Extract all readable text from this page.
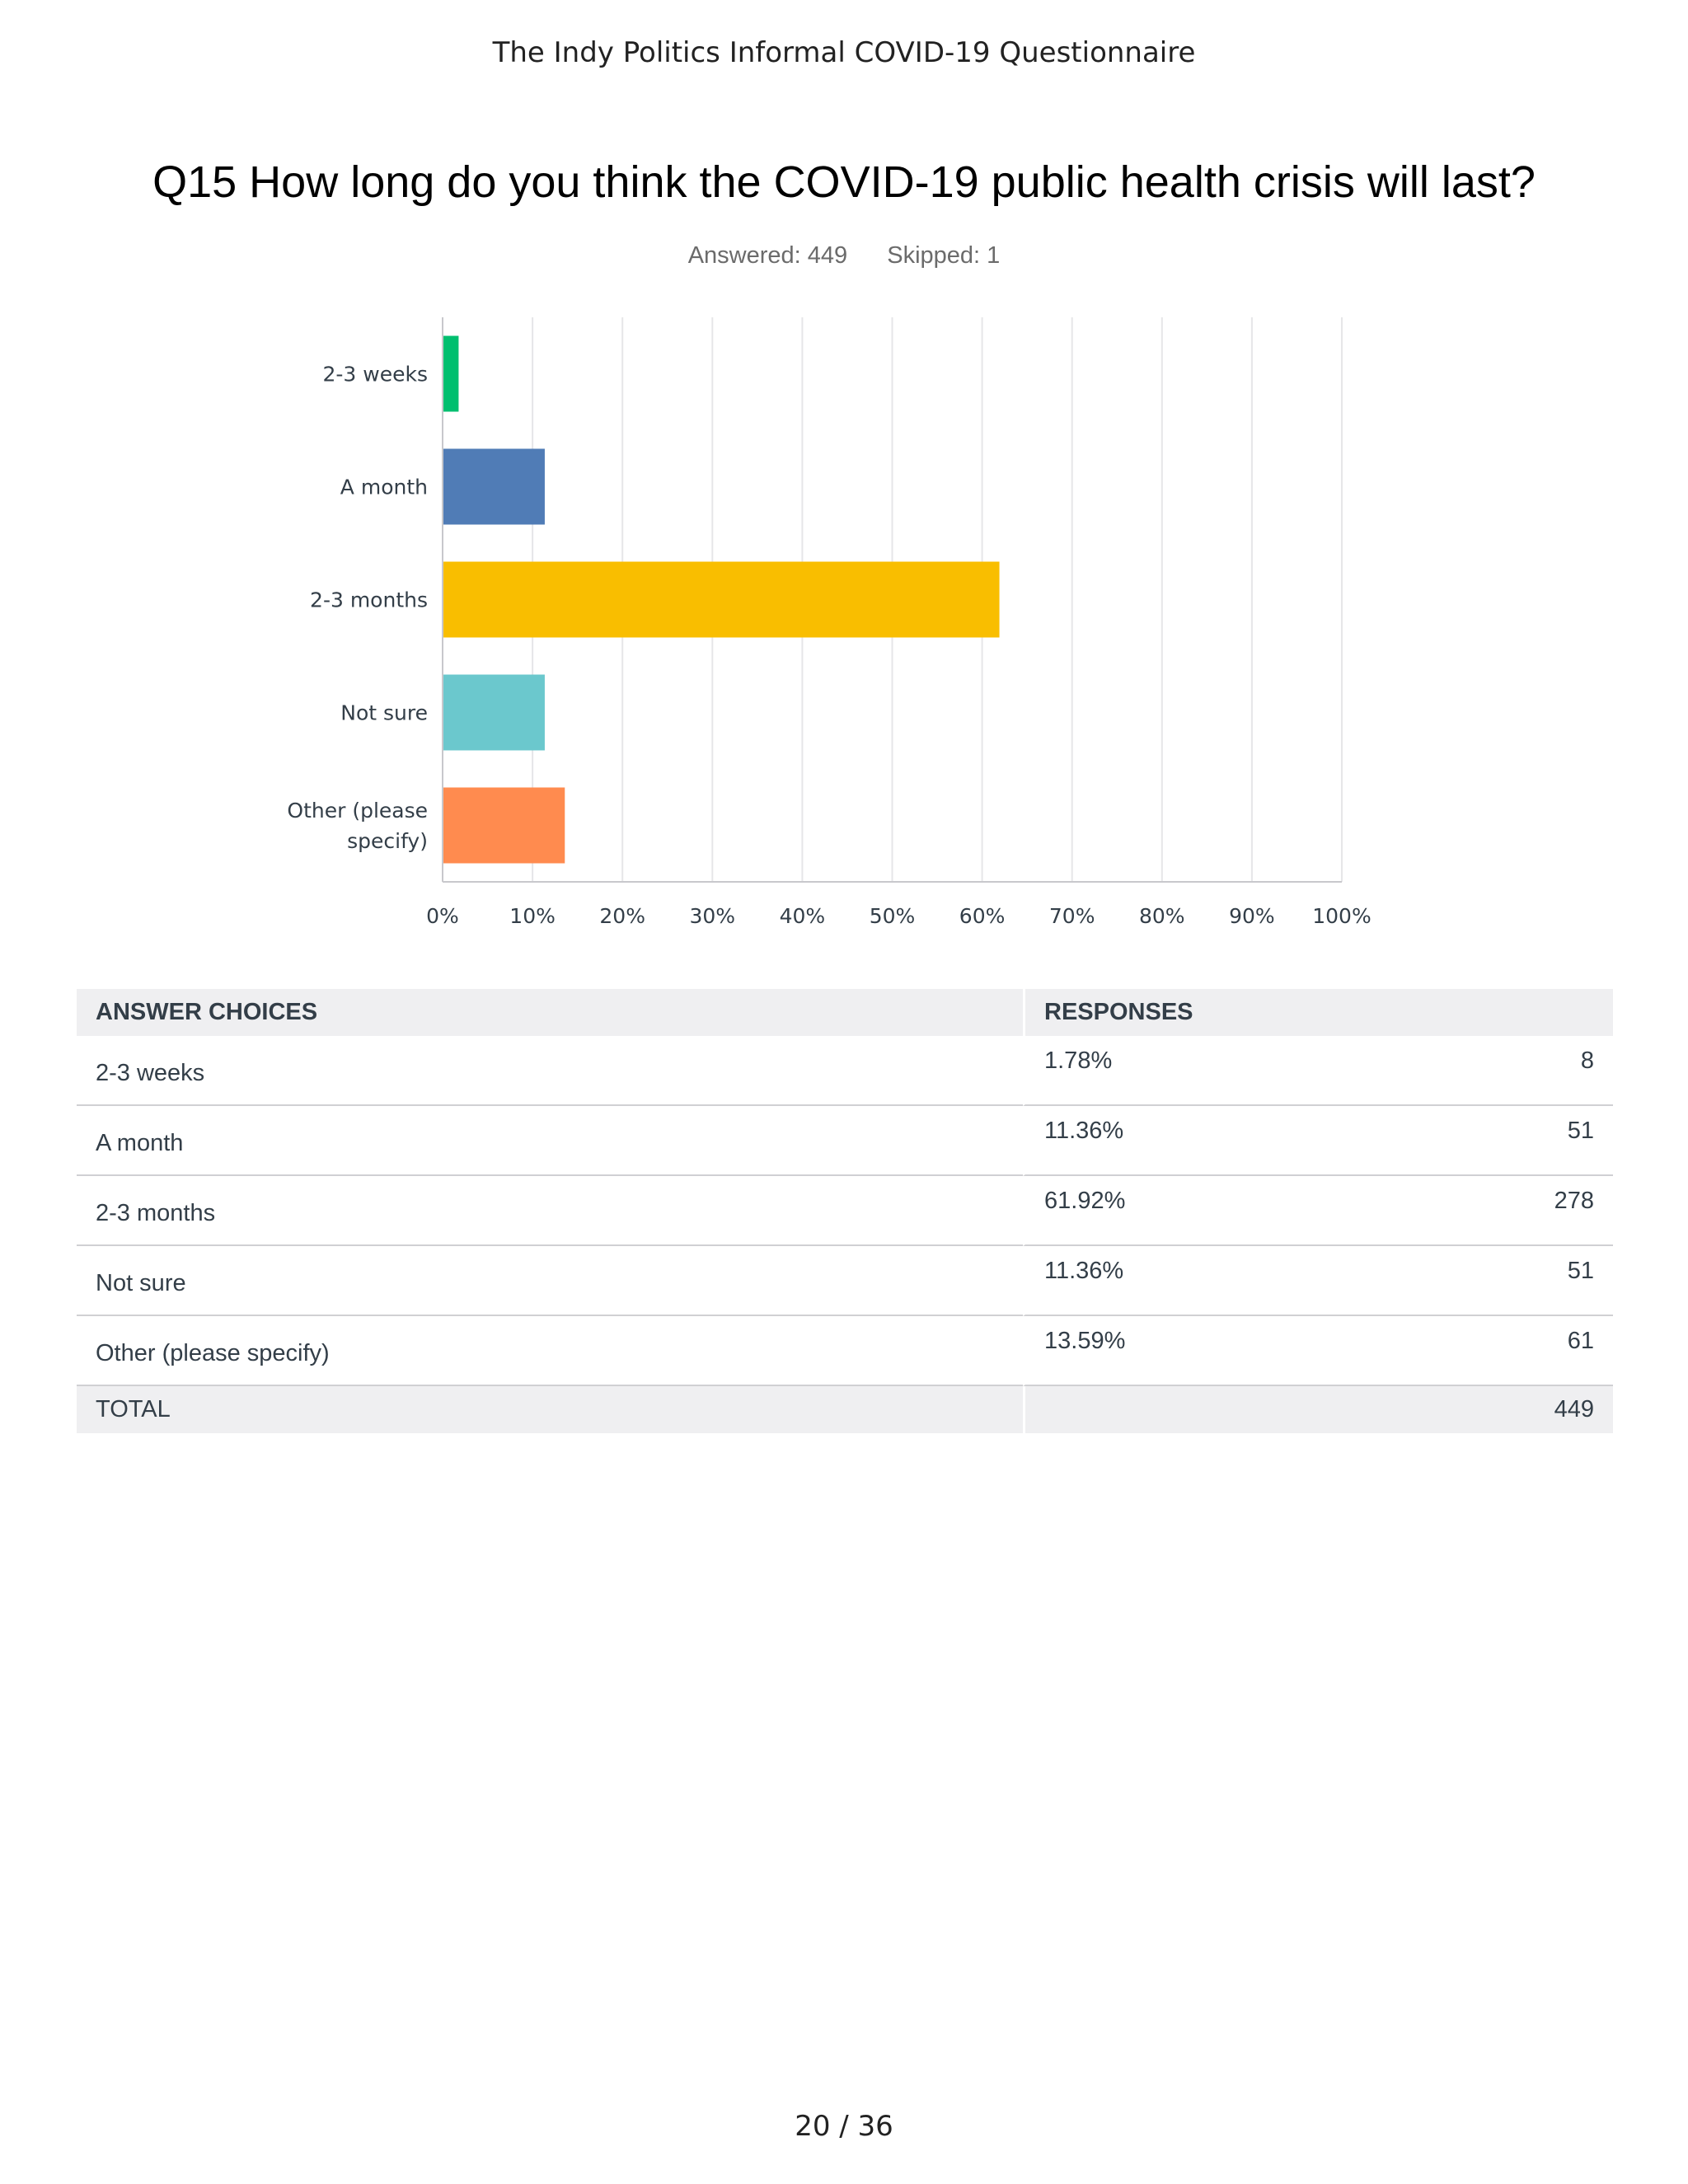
The Indy Politics Informal COVID-19 Questionnaire
Q15 How long do you think the COVID-19 public health crisis will last?
Answered: 449 Skipped: 1
2-3 weeks
A month
2-3 months
Not sure
Other (please specify)
0% 10% 20% 30% 40% 50% 60% 70% 80% 90% 100%
ANSWER CHOICES	RESPONSES	
2-3 weeks	1.78%	8
A month	11.36%	51
2-3 months	61.92%	278
Not sure	11.36%	51
Other (please specify)	13.59%	61
TOTAL	449	
20 / 36
